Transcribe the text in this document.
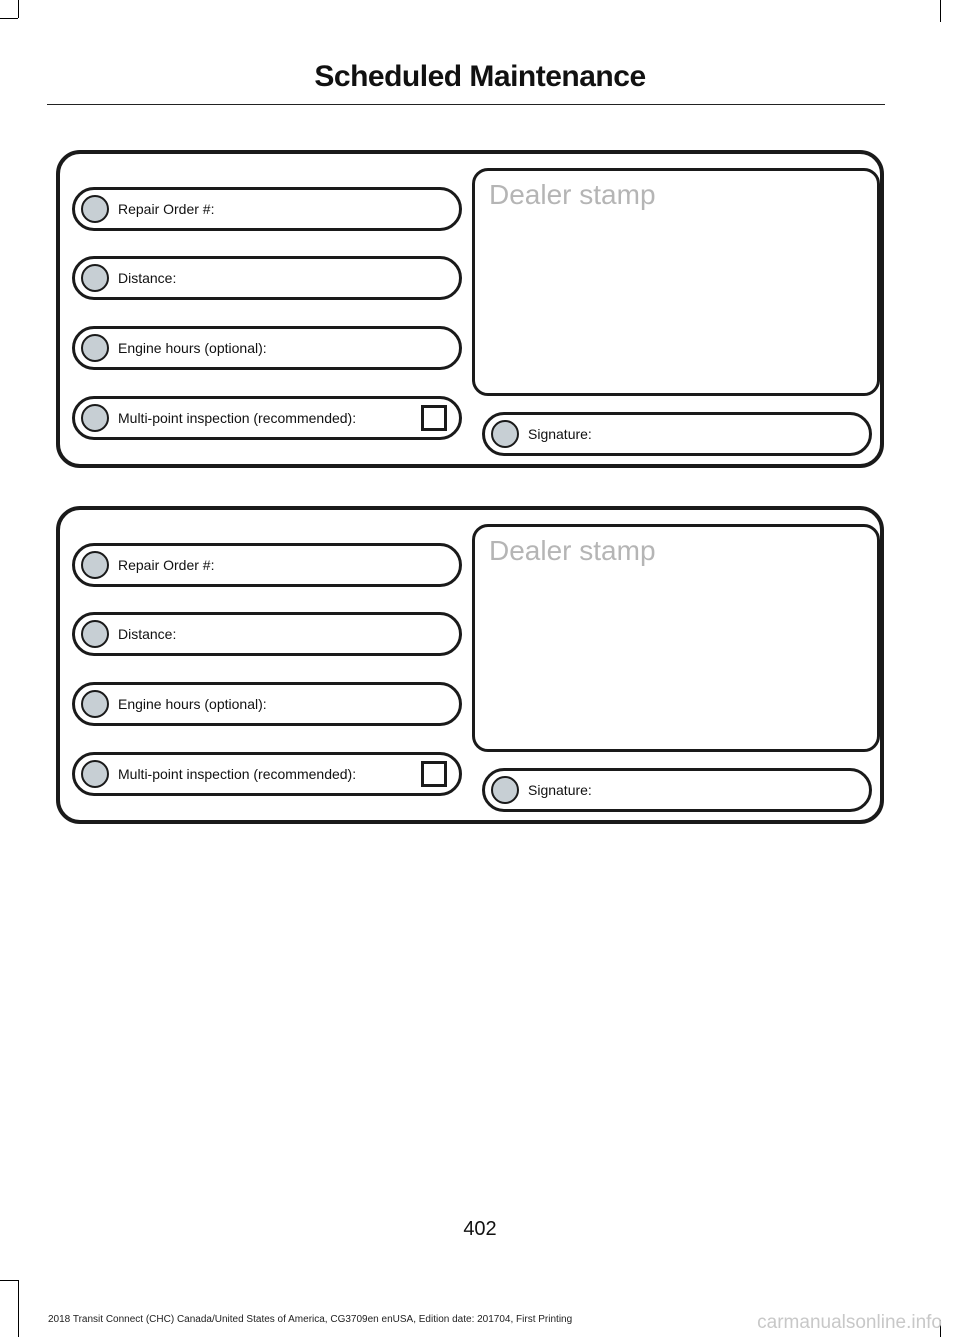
Scheduled Maintenance
Repair Order #:
Distance:
Engine hours (optional):
Multi-point inspection (recommended):
Dealer stamp
Signature:
Repair Order #:
Distance:
Engine hours (optional):
Multi-point inspection (recommended):
Dealer stamp
Signature:
402
2018 Transit Connect (CHC) Canada/United States of America, CG3709en enUSA, Edition date: 201704, First Printing	carmanualsonline.info
